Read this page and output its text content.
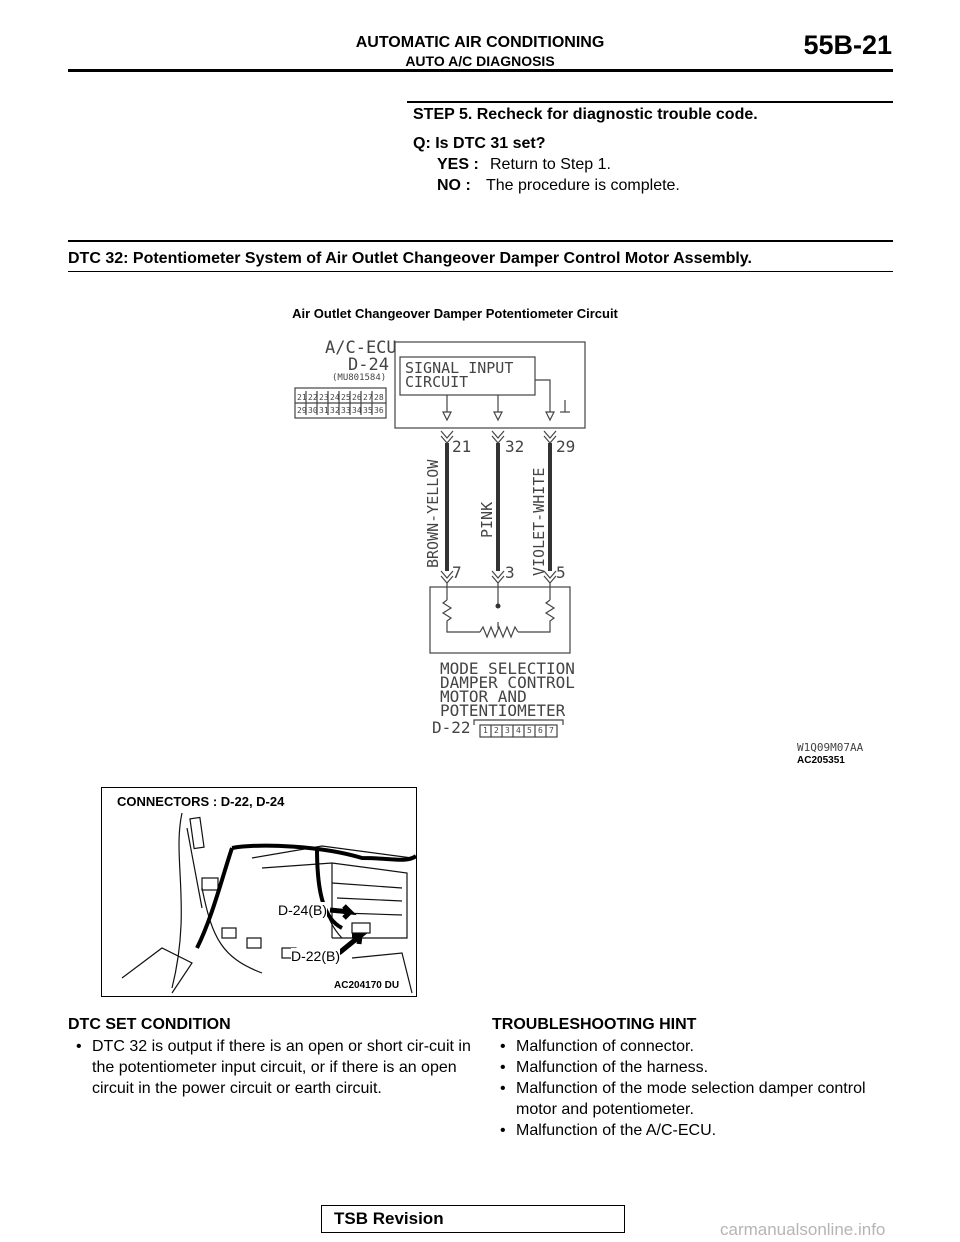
AUTOMATIC AIR CONDITIONING
AUTO A/C DIAGNOSIS
55B-21
STEP 5. Recheck for diagnostic trouble code.
Q: Is DTC 31 set?
YES : Return to Step 1.
NO : The procedure is complete.
DTC 32: Potentiometer System of Air Outlet Changeover Damper Control Motor Assembly.
Air Outlet Changeover Damper Potentiometer Circuit
A/C-ECU
D-24
(MU801584)
SIGNAL INPUT
CIRCUIT
21 22 23 24 25 26 27 28
29 30 31 32 33 34 35 36
21 32 29
BROWN-YELLOW PINK VIOLET-WHITE
7	3	5
MODE SELECTION
DAMPER CONTROL
MOTOR AND
POTENTIOMETER
D-22 1 2 3 4 5 6 7
W1Q09M07AA
AC205351
CONNECTORS : D-22, D-24
D-24(B)
D-22(B)
AC204170 DU
DTC SET CONDITION
• DTC 32 is output if there is an open or short cir-cuit in the potentiometer input circuit, or if there is an open circuit in the power circuit or earth circuit.
TROUBLESHOOTING HINT
• Malfunction of connector.
• Malfunction of the harness.
• Malfunction of the mode selection damper control motor and potentiometer.
• Malfunction of the A/C-ECU.
TSB Revision
carmanualsonline.info
